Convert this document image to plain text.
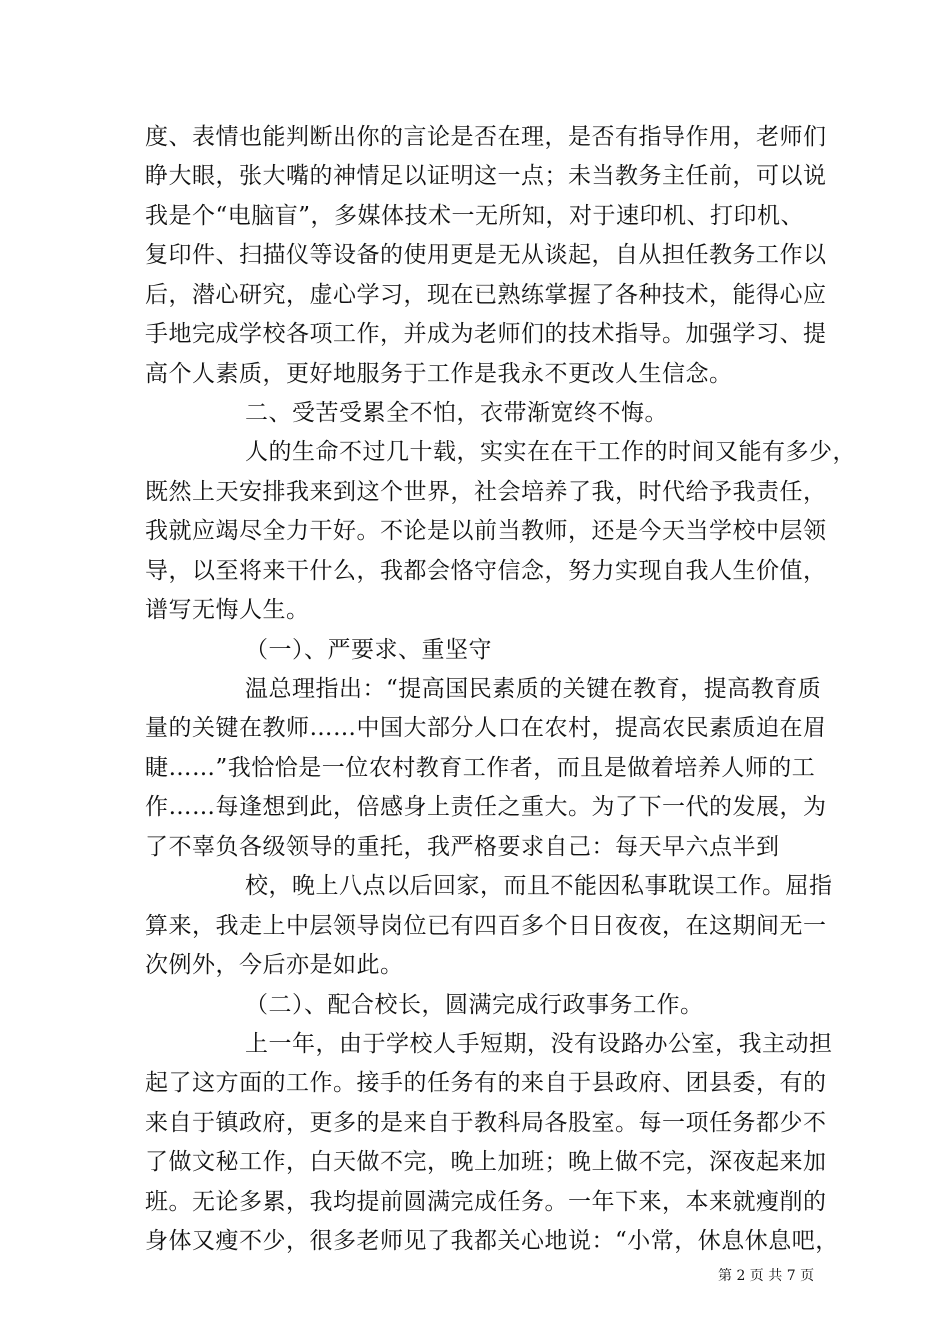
度、表情也能判断出你的言论是否在理，是否有指导作用，老师们
睁大眼，张大嘴的神情足以证明这一点；未当教务主任前，可以说
我是个“电脑盲”，多媒体技术一无所知，对于速印机、打印机、
复印件、扫描仪等设备的使用更是无从谈起，自从担任教务工作以
后，潜心研究，虚心学习，现在已熟练掌握了各种技术，能得心应
手地完成学校各项工作，并成为老师们的技术指导。加强学习、提
高个人素质，更好地服务于工作是我永不更改人生信念。
二、受苦受累全不怕，衣带渐宽终不悔。
人的生命不过几十载，实实在在干工作的时间又能有多少，
既然上天安排我来到这个世界，社会培养了我，时代给予我责任，
我就应竭尽全力干好。不论是以前当教师，还是今天当学校中层领
导，以至将来干什么，我都会恪守信念，努力实现自我人生价值，
谱写无悔人生。
（一）、严要求、重坚守
温总理指出：“提高国民素质的关键在教育，提高教育质
量的关键在教师……中国大部分人口在农村，提高农民素质迫在眉
睫……”我恰恰是一位农村教育工作者，而且是做着培养人师的工
作……每逢想到此，倍感身上责任之重大。为了下一代的发展，为
了不辜负各级领导的重托，我严格要求自己：每天早六点半到
校，晚上八点以后回家，而且不能因私事耽误工作。屈指
算来，我走上中层领导岗位已有四百多个日日夜夜，在这期间无一
次例外，今后亦是如此。
（二）、配合校长，圆满完成行政事务工作。
上一年，由于学校人手短期，没有设路办公室，我主动担
起了这方面的工作。接手的任务有的来自于县政府、团县委，有的
来自于镇政府，更多的是来自于教科局各股室。每一项任务都少不
了做文秘工作，白天做不完，晚上加班；晚上做不完，深夜起来加
班。无论多累，我均提前圆满完成任务。一年下来，本来就瘦削的
身体又瘦不少，很多老师见了我都关心地说：“小常，休息休息吧，
第 2 页 共 7 页
